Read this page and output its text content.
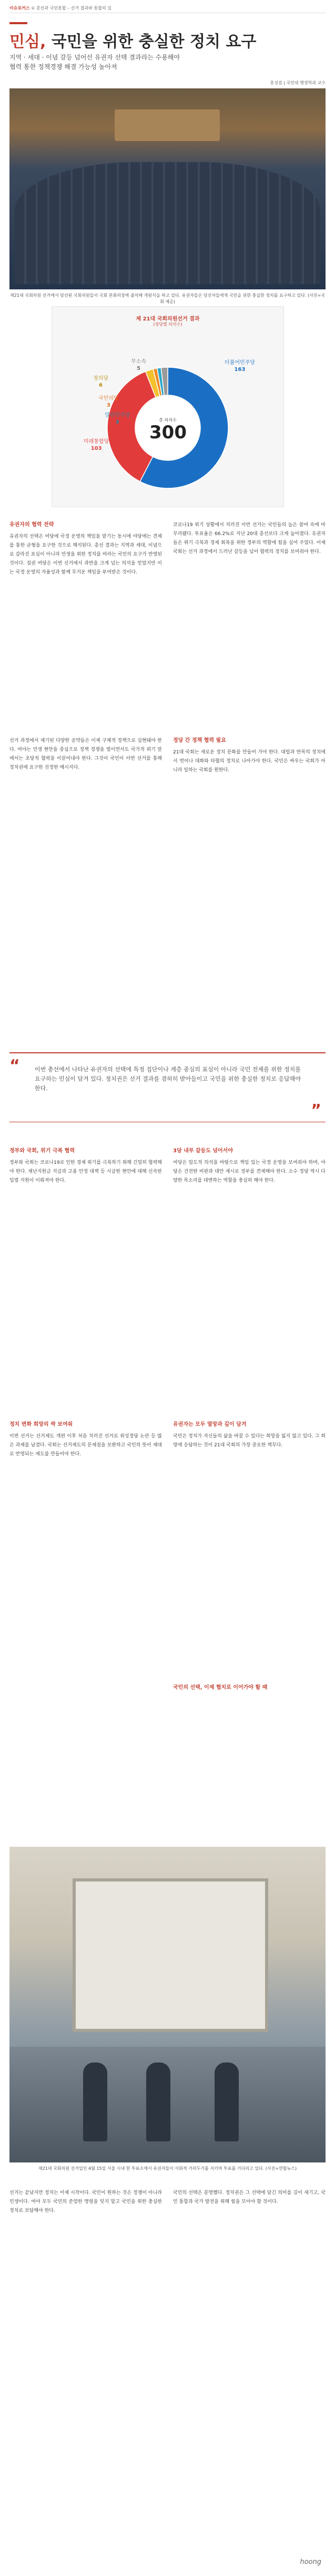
이슈포커스 ① 총선과 국민통합 – 선거 결과와 통합의 길
민심, 국민을 위한 충실한 정치 요구
지역 · 세대 · 이념 갈등 넘어선 유권자 선택 결과라는 수용해야
협력 통한 정책경쟁 해결 가능성 높아져
홍성걸 | 국민대 행정학과 교수
제21대 국회의원 선거에서 당선된 국회의원들이 국회 본회의장에 출석해 개원식을 하고 있다. 유권자들은 당선자들에게 국민을 위한 충실한 정치를 요구하고 있다. (사진=국회 제공)
제 21대 국회의원선거 결과
(정당별 의석수)
더불어민주당
163
미래통합당
103
정의당
6
국민의당
3
열린민주당
3
무소속
5
총 의석수
300
유권자의 협력 전략
유권자의 선택은 여당에 국정 운영의 책임을 맡기는 동시에 야당에는 견제를 통한 균형을 요구한 것으로 해석된다. 총선 결과는 지역과 세대, 이념으로 갈라진 표심이 아니라 민생을 위한 정치를 바라는 국민의 요구가 반영된 것이다. 집권 여당은 이번 선거에서 과반을 크게 넘는 의석을 얻었지만 이는 국정 운영의 자율성과 함께 무거운 책임을 부여받은 것이다.
코로나19 위기 상황에서 치러진 이번 선거는 국민들의 높은 참여 속에 마무리됐다. 투표율은 66.2%로 지난 20대 총선보다 크게 높아졌다. 유권자들은 위기 극복과 경제 회복을 위한 정부의 역할에 힘을 실어 주었다. 이제 국회는 선거 과정에서 드러난 갈등을 넘어 협력의 정치를 보여줘야 한다.
선거 과정에서 제기된 다양한 공약들은 이제 구체적 정책으로 실현돼야 한다. 여야는 민생 현안을 중심으로 정책 경쟁을 벌이면서도 국가적 위기 앞에서는 초당적 협력을 이끌어내야 한다. 그것이 국민이 이번 선거를 통해 정치권에 요구한 진정한 메시지다.
정당 간 정책 협력 필요
21대 국회는 새로운 정치 문화를 만들어 가야 한다. 대립과 반목의 정치에서 벗어나 대화와 타협의 정치로 나아가야 한다. 국민은 싸우는 국회가 아니라 일하는 국회를 원한다.
“	이번 총선에서 나타난 유권자의 선택에 특정 집단이나 계층 중심의 표심이 아니라 국민 전체를 위한 정치를 요구하는 민심이 담겨 있다. 정치권은 선거 결과를 겸허히 받아들이고 국민을 위한 충실한 정치로 응답해야 한다.
”
정부와 국회, 위기 극복 협력
정부와 국회는 코로나19로 인한 경제 위기를 극복하기 위해 긴밀히 협력해야 한다. 재난지원금 지급과 고용 안정 대책 등 시급한 현안에 대해 신속한 입법 지원이 이뤄져야 한다.
3당 내부 갈등도 넘어서야
여당은 압도적 의석을 바탕으로 책임 있는 국정 운영을 보여줘야 하며, 야당은 건전한 비판과 대안 제시로 정부를 견제해야 한다. 소수 정당 역시 다양한 목소리를 대변하는 역할을 충실히 해야 한다.
정치 변화 희망의 싹 보여줘
이번 선거는 선거제도 개편 이후 처음 치러진 선거로 위성정당 논란 등 많은 과제를 남겼다. 국회는 선거제도의 문제점을 보완하고 국민의 뜻이 제대로 반영되는 제도를 만들어야 한다.
유권자는 모두 열망과 깊이 담겨
국민은 정치가 자신들의 삶을 바꿀 수 있다는 희망을 잃지 않고 있다. 그 희망에 응답하는 것이 21대 국회의 가장 중요한 책무다.
국민의 선택, 이제 협치로 이어가야 할 때
제21대 국회의원 선거일인 4월 15일 서울 시내 한 투표소에서 유권자들이 사회적 거리두기를 지키며 투표를 기다리고 있다. (사진=연합뉴스)
선거는 끝났지만 정치는 이제 시작이다. 국민이 원하는 것은 정쟁이 아니라 민생이다. 여야 모두 국민의 준엄한 명령을 잊지 말고 국민을 위한 충실한 정치로 보답해야 한다.
국민의 선택은 분명했다. 정치권은 그 선택에 담긴 의미를 깊이 새기고, 국민 통합과 국가 발전을 위해 힘을 모아야 할 것이다.
hoong
